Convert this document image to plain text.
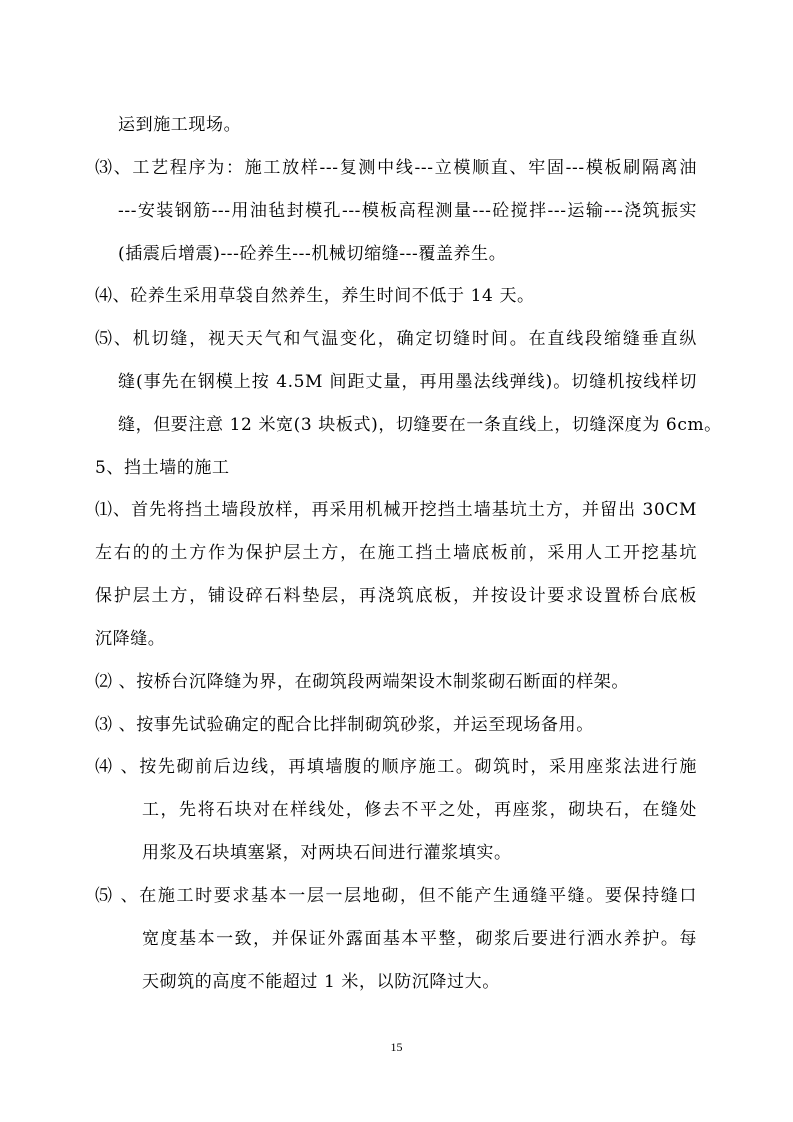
运到施工现场。
⑶、工艺程序为：施工放样---复测中线---立模顺直、牢固---模板刷隔离油
---安装钢筋---用油毡封模孔---模板高程测量---砼搅拌---运输---浇筑振实
(插震后增震)---砼养生---机械切缩缝---覆盖养生。
⑷、砼养生采用草袋自然养生，养生时间不低于 14 天。
⑸、机切缝，视天天气和气温变化，确定切缝时间。在直线段缩缝垂直纵
缝(事先在钢模上按 4.5M 间距丈量，再用墨法线弹线)。切缝机按线样切
缝，但要注意 12 米宽(3 块板式)，切缝要在一条直线上，切缝深度为 6cm。
5、挡土墙的施工
⑴、首先将挡土墙段放样，再采用机械开挖挡土墙基坑土方，并留出 30CM
左右的的土方作为保护层土方，在施工挡土墙底板前，采用人工开挖基坑
保护层土方，铺设碎石料垫层，再浇筑底板，并按设计要求设置桥台底板
沉降缝。
⑵ 、按桥台沉降缝为界，在砌筑段两端架设木制浆砌石断面的样架。
⑶ 、按事先试验确定的配合比拌制砌筑砂浆，并运至现场备用。
⑷ 、按先砌前后边线，再填墙腹的顺序施工。砌筑时，采用座浆法进行施
工，先将石块对在样线处，修去不平之处，再座浆，砌块石，在缝处
用浆及石块填塞紧，对两块石间进行灌浆填实。
⑸ 、在施工时要求基本一层一层地砌，但不能产生通缝平缝。要保持缝口
宽度基本一致，并保证外露面基本平整，砌浆后要进行洒水养护。每
天砌筑的高度不能超过 1 米，以防沉降过大。
15
